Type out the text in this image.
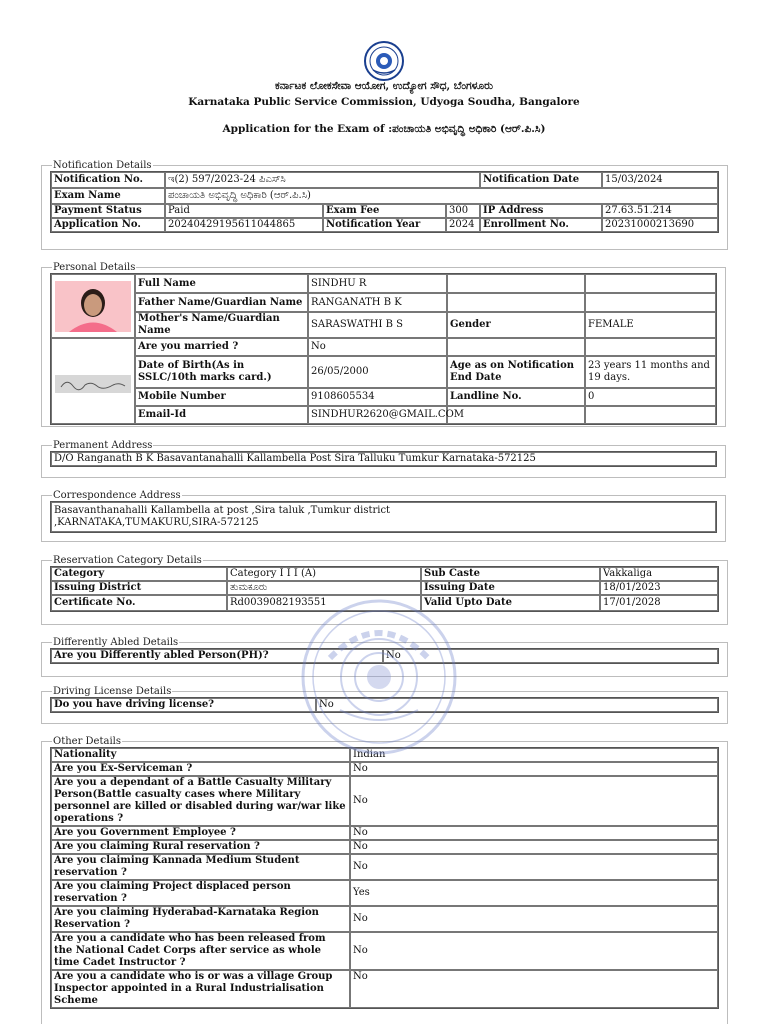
ಕರ್ನಾಟಕ ಲೋಕಸೇವಾ ಆಯೋಗ, ಉದ್ಯೋಗ ಸೌಧ, ಬೆಂಗಳೂರು
Karnataka Public Service Commission, Udyoga Soudha, Bangalore
Application for the Exam of :ಪಂಚಾಯತಿ ಅಭಿವೃದ್ಧಿ ಅಧಿಕಾರಿ (ಆರ್.ಪಿ.ಸಿ)
Notification Details
Notification No.	ಇ(2) 597/2023-24 ಪಿಎಸ್‌ಸಿ			Notification Date	15/03/2024
Exam Name	ಪಂಚಾಯತಿ ಅಭಿವೃದ್ಧಿ ಅಧಿಕಾರಿ (ಆರ್.ಪಿ.ಸಿ)				
Payment Status	Paid	Exam Fee	300	IP Address	27.63.51.214
Application No.	20240429195611044865	Notification Year	2024	Enrollment No.	20231000213690
Personal Details
	Full Name	SINDHU R		
	Father Name/Guardian Name	RANGANATH B K		
	Mother's Name/Guardian Name	SARASWATHI B S	Gender	FEMALE

	Are you married ?	No		
	Date of Birth(As in SSLC/10th marks card.)	26/05/2000	Age as on Notification End Date	23 years 11 months and 19 days.
	Mobile Number	9108605534	Landline No.	0
	Email-Id	SINDHUR2620@GMAIL.COM		
Permanent Address
D/O Ranganath B K Basavantanahalli Kallambella Post Sira Talluku Tumkur Karnataka-572125
Correspondence Address
Basavanthanahalli Kallambella at post ,Sira taluk ,Tumkur district
,KARNATAKA,TUMAKURU,SIRA-572125
Reservation Category Details
Category	Category I I I (A)	Sub Caste	Vakkaliga
Issuing District	ತುಮಕೂರು	Issuing Date	18/01/2023
Certificate No.	Rd0039082193551	Valid Upto Date	17/01/2028
Differently Abled Details
Are you Differently abled Person(PH)?	No
Driving License Details
Do you have driving license?	No
Other Details
Nationality	Indian
Are you Ex-Serviceman ?	No
Are you a dependant of a Battle Casualty Military Person(Battle casualty cases where Military personnel are killed or disabled during war/war like operations ?	No
Are you Government Employee ?	No
Are you claiming Rural reservation ?	No
Are you claiming Kannada Medium Student reservation ?	No
Are you claiming Project displaced person reservation ?	Yes
Are you claiming Hyderabad-Karnataka Region Reservation ?	No
Are you a candidate who has been released from the National Cadet Corps after service as whole time Cadet Instructor ?	No
Are you a candidate who is or was a village Group Inspector appointed in a Rural Industrialisation Scheme	No
